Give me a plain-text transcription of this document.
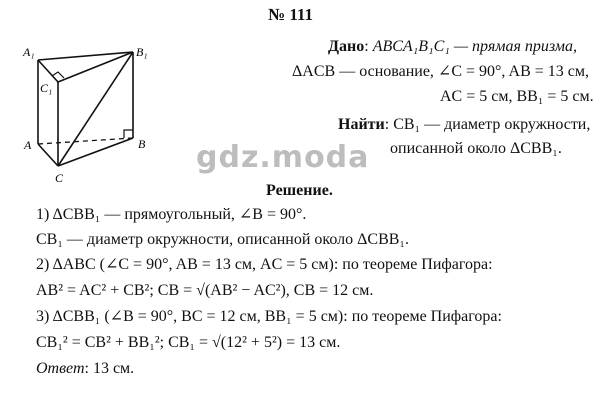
№ 111
A₁	B₁
C₁
A	B
C
Дано: ABCA₁B₁C₁ — прямая призма,
ΔACB — основание, ∠C = 90°, AB = 13 см,
AC = 5 см, BB₁ = 5 см.
Найти: CB₁ — диаметр окружности,
описанной около ΔCBB₁.
gdz.moda
Решение.
1) ΔCBB₁ — прямоугольный, ∠B = 90°.
CB₁ — диаметр окружности, описанной около ΔCBB₁.
2) ΔABC (∠C = 90°, AB = 13 см, AC = 5 см): по теореме Пифагора:
AB² = AC² + CB²; CB = √(AB² − AC²), CB = 12 см.
3) ΔCBB₁ (∠B = 90°, BC = 12 см, BB₁ = 5 см): по теореме Пифагора:
CB₁² = CB² + BB₁²; CB₁ = √(12² + 5²) = 13 см.
Ответ: 13 см.
